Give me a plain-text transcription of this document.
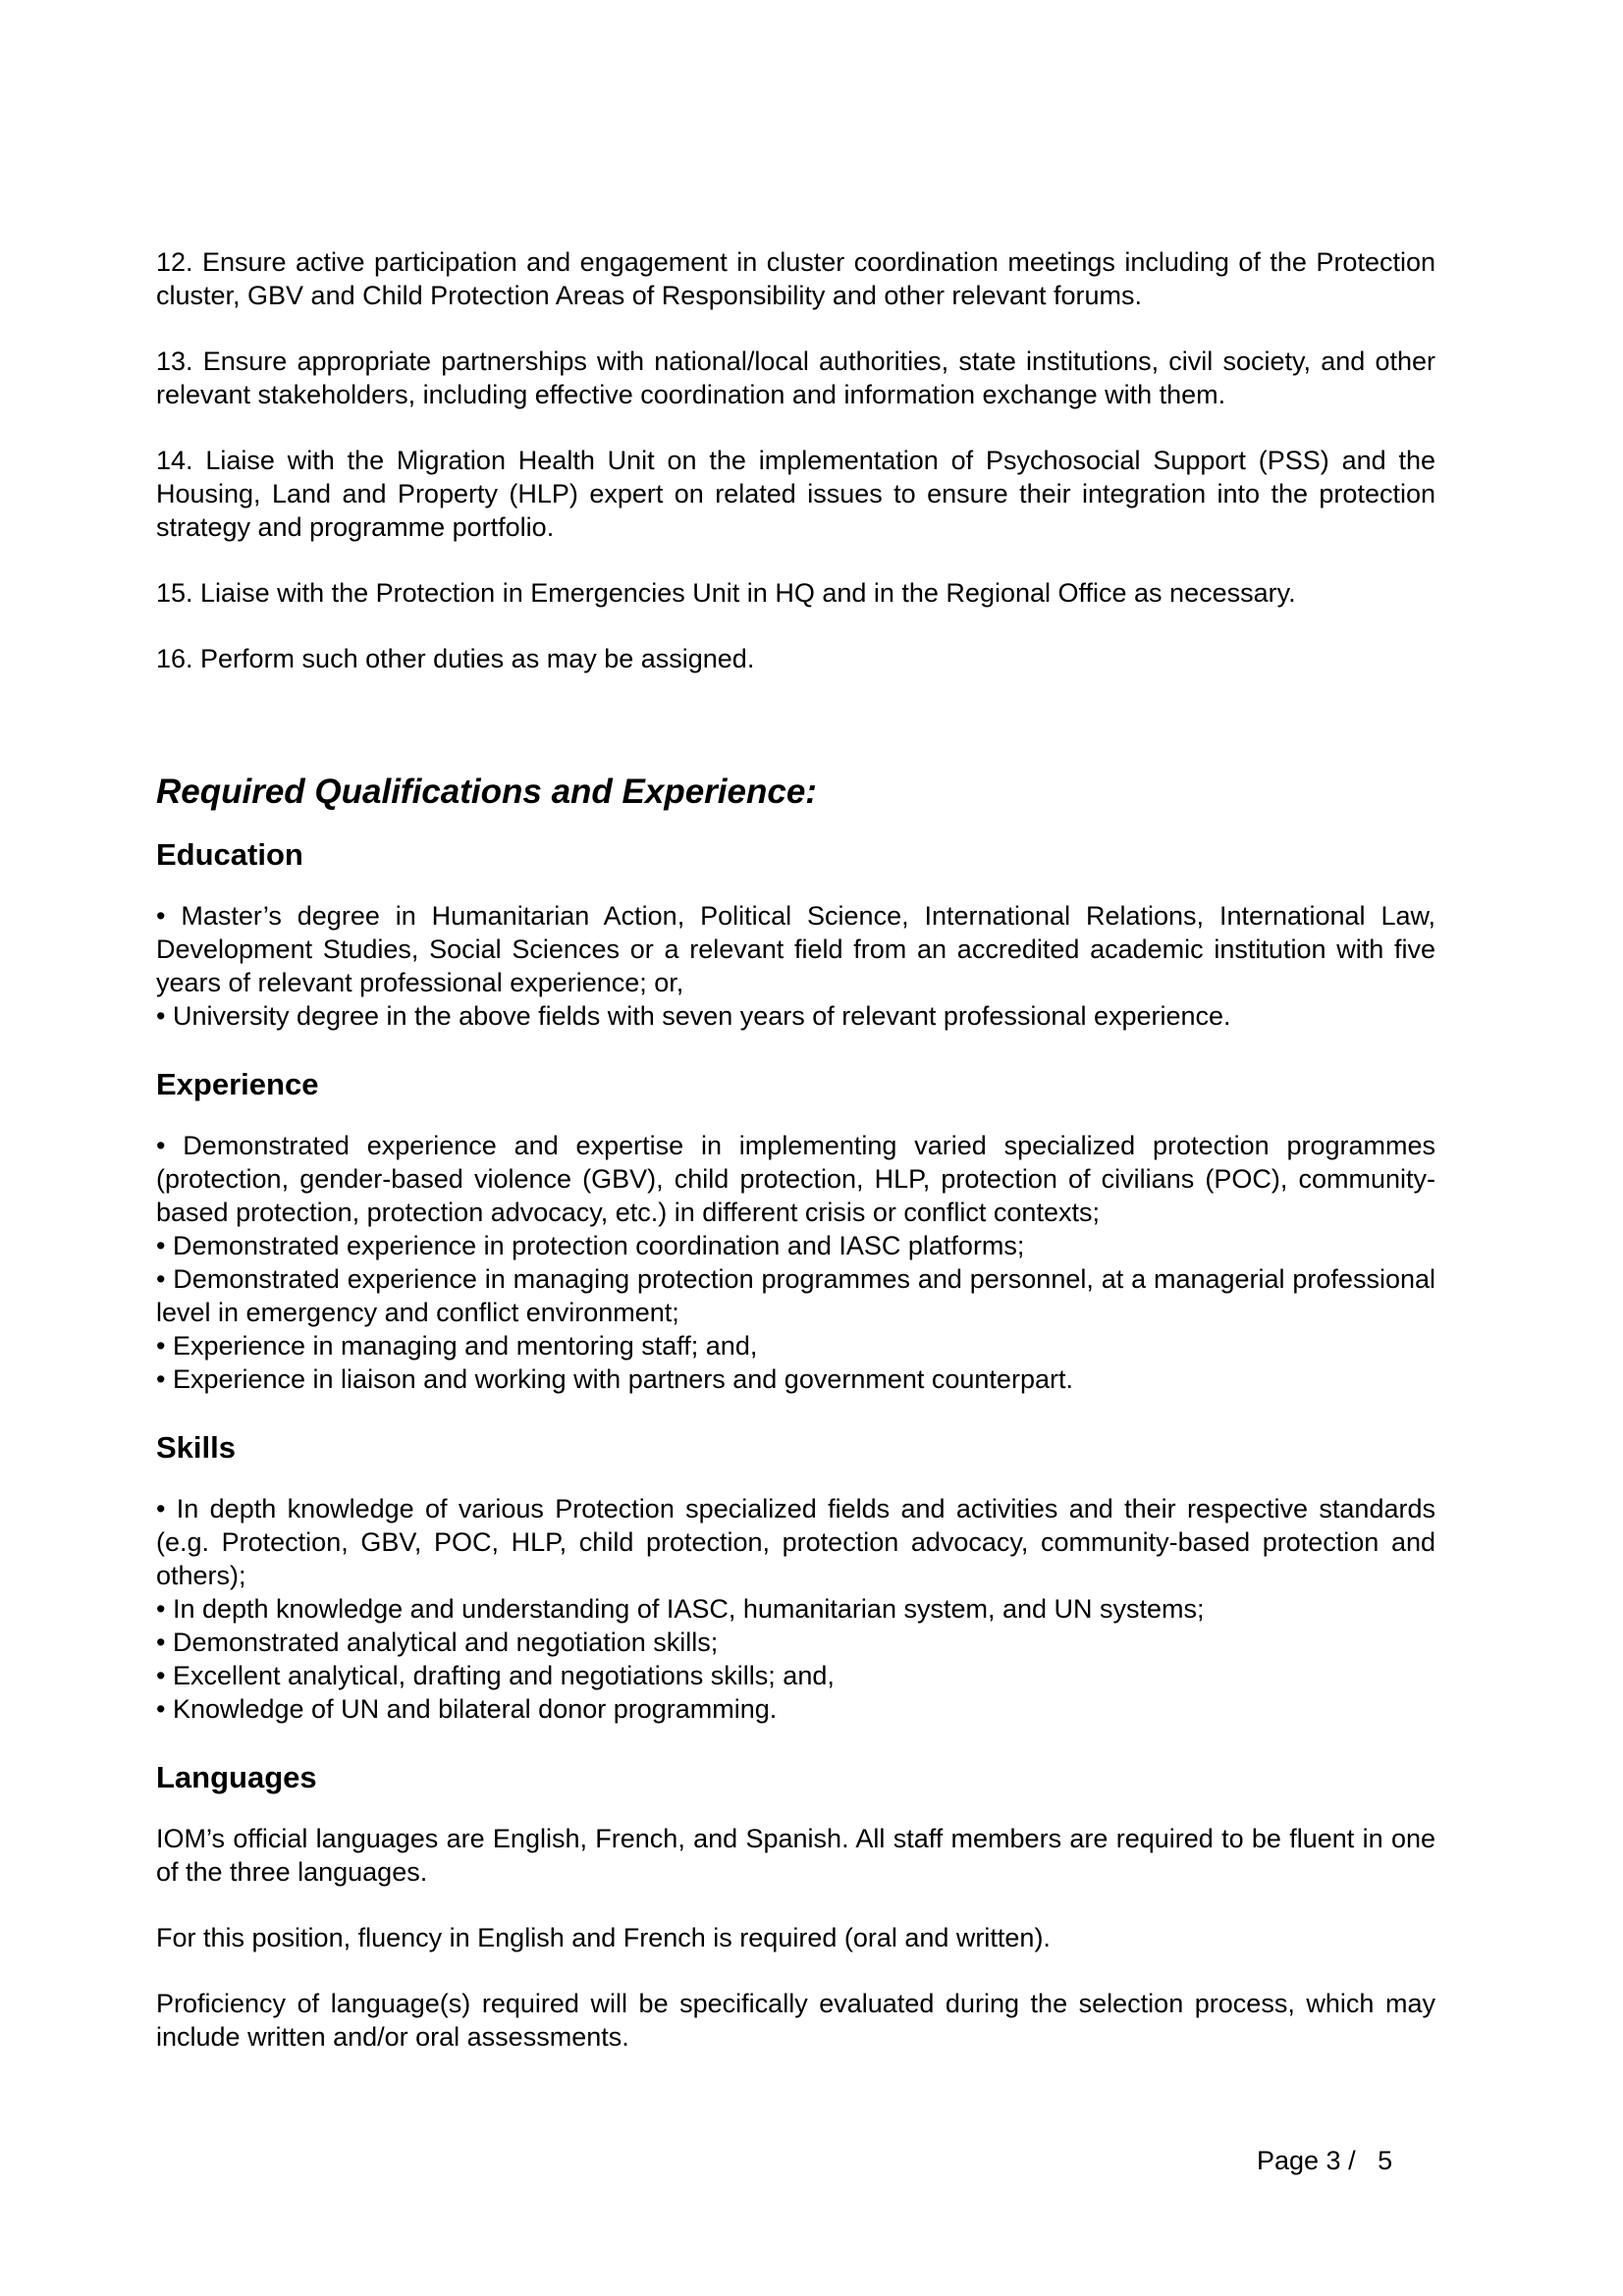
12. Ensure active participation and engagement in cluster coordination meetings including of the Protection cluster, GBV and Child Protection Areas of Responsibility and other relevant forums.

13. Ensure appropriate partnerships with national/local authorities, state institutions, civil society, and other relevant stakeholders, including effective coordination and information exchange with them.

14. Liaise with the Migration Health Unit on the implementation of Psychosocial Support (PSS) and the Housing, Land and Property (HLP) expert on related issues to ensure their integration into the protection strategy and programme portfolio.

15. Liaise with the Protection in Emergencies Unit in HQ and in the Regional Office as necessary.

16. Perform such other duties as may be assigned.

Required Qualifications and Experience:
Education
• Master’s degree in Humanitarian Action, Political Science, International Relations, International Law, Development Studies, Social Sciences or a relevant field from an accredited academic institution with five years of relevant professional experience; or,
• University degree in the above fields with seven years of relevant professional experience.
Experience
• Demonstrated experience and expertise in implementing varied specialized protection programmes (protection, gender-based violence (GBV), child protection, HLP, protection of civilians (POC), community-based protection, protection advocacy, etc.) in different crisis or conflict contexts;
• Demonstrated experience in protection coordination and IASC platforms;
• Demonstrated experience in managing protection programmes and personnel, at a managerial professional level in emergency and conflict environment;
• Experience in managing and mentoring staff; and,
• Experience in liaison and working with partners and government counterpart.
Skills
• In depth knowledge of various Protection specialized fields and activities and their respective standards (e.g. Protection, GBV, POC, HLP, child protection, protection advocacy, community-based protection and others);
• In depth knowledge and understanding of IASC, humanitarian system, and UN systems;
• Demonstrated analytical and negotiation skills;
• Excellent analytical, drafting and negotiations skills; and,
• Knowledge of UN and bilateral donor programming.
Languages

IOM’s official languages are English, French, and Spanish. All staff members are required to be fluent in one of the three languages.

For this position, fluency in English and French is required (oral and written).

Proficiency of language(s) required will be specifically evaluated during the selection process, which may include written and/or oral assessments.

Page 3 /   5
